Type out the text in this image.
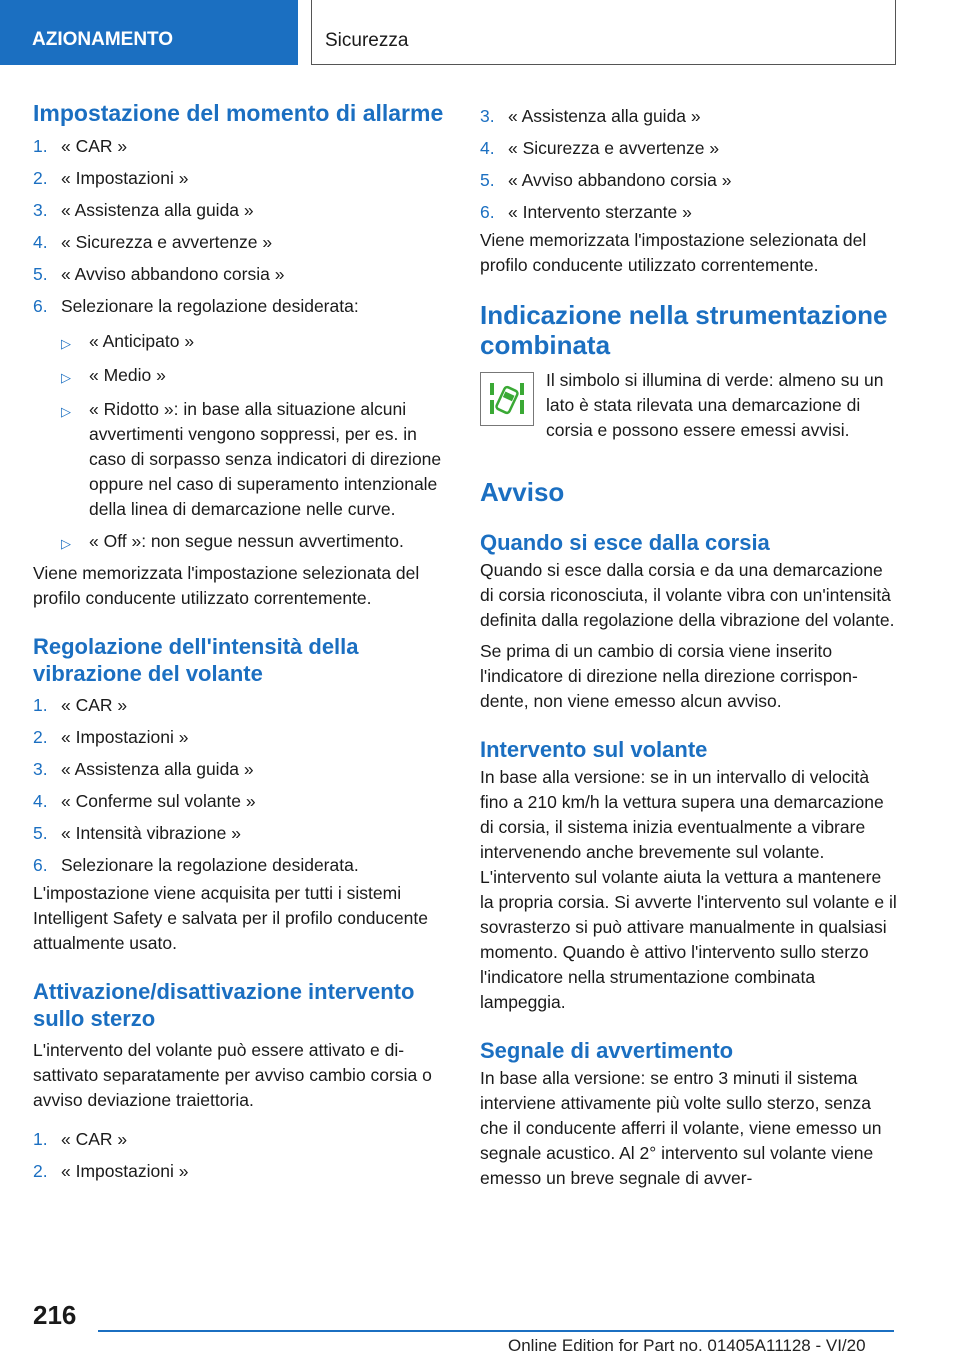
AZIONAMENTO	Sicurezza
Impostazione del momento di allarme
1. « CAR »
2. « Impostazioni »
3. « Assistenza alla guida »
4. « Sicurezza e avvertenze »
5. « Avviso abbandono corsia »
6. Selezionare la regolazione desiderata:
▷	« Anticipato »
▷	« Medio »
▷	« Ridotto »: in base alla situazione alcuni avvertimenti vengono soppressi, per es. in caso di sorpasso senza indicatori di direzione oppure nel caso di superamento intenzionale della linea di demarcazione nelle curve.
▷	« Off »: non segue nessun avvertimento.

Viene memorizzata l'impostazione selezionata del profilo conducente utilizzato correntemente.

Regolazione dell'intensità della vibrazione del volante
1. « CAR »
2. « Impostazioni »
3. « Assistenza alla guida »
4. « Conferme sul volante »
5. « Intensità vibrazione »
6. Selezionare la regolazione desiderata.

L'impostazione viene acquisita per tutti i sistemi Intelligent Safety e salvata per il profilo conducente attualmente usato.

Attivazione/disattivazione intervento sullo sterzo

L'intervento del volante può essere attivato e disattivato separatamente per avviso cambio corsia o avviso deviazione traiettoria.

1. « CAR »
2. « Impostazioni »
3. « Assistenza alla guida »
4. « Sicurezza e avvertenze »
5. « Avviso abbandono corsia »
6. « Intervento sterzante »

Viene memorizzata l'impostazione selezionata del profilo conducente utilizzato correntemente.

Indicazione nella strumentazione combinata

Il simbolo si illumina di verde: almeno su un lato è stata rilevata una demarcazione di corsia e possono essere emessi avvisi.

Avviso
Quando si esce dalla corsia

Quando si esce dalla corsia e da una demarcazione di corsia riconosciuta, il volante vibra con un'intensità definita dalla regolazione della vibrazione del volante.

Se prima di un cambio di corsia viene inserito l'indicatore di direzione nella direzione corrispondente, non viene emesso alcun avviso.

Intervento sul volante

In base alla versione: se in un intervallo di velocità fino a 210 km/h la vettura supera una demarcazione di corsia, il sistema inizia eventualmente a vibrare intervenendo anche brevemente sul volante. L'intervento sul volante aiuta la vettura a mantenere la propria corsia. Si avverte l'intervento sul volante e il sovrasterzo si può attivare manualmente in qualsiasi momento. Quando è attivo l'intervento sullo sterzo l'indicatore nella strumentazione combinata lampeggia.

Segnale di avvertimento

In base alla versione: se entro 3 minuti il sistema interviene attivamente più volte sullo sterzo, senza che il conducente afferri il volante, viene emesso un segnale acustico. Al 2° intervento sul volante viene emesso un breve segnale di avver-

216
Online Edition for Part no. 01405A11128 - VI/20
